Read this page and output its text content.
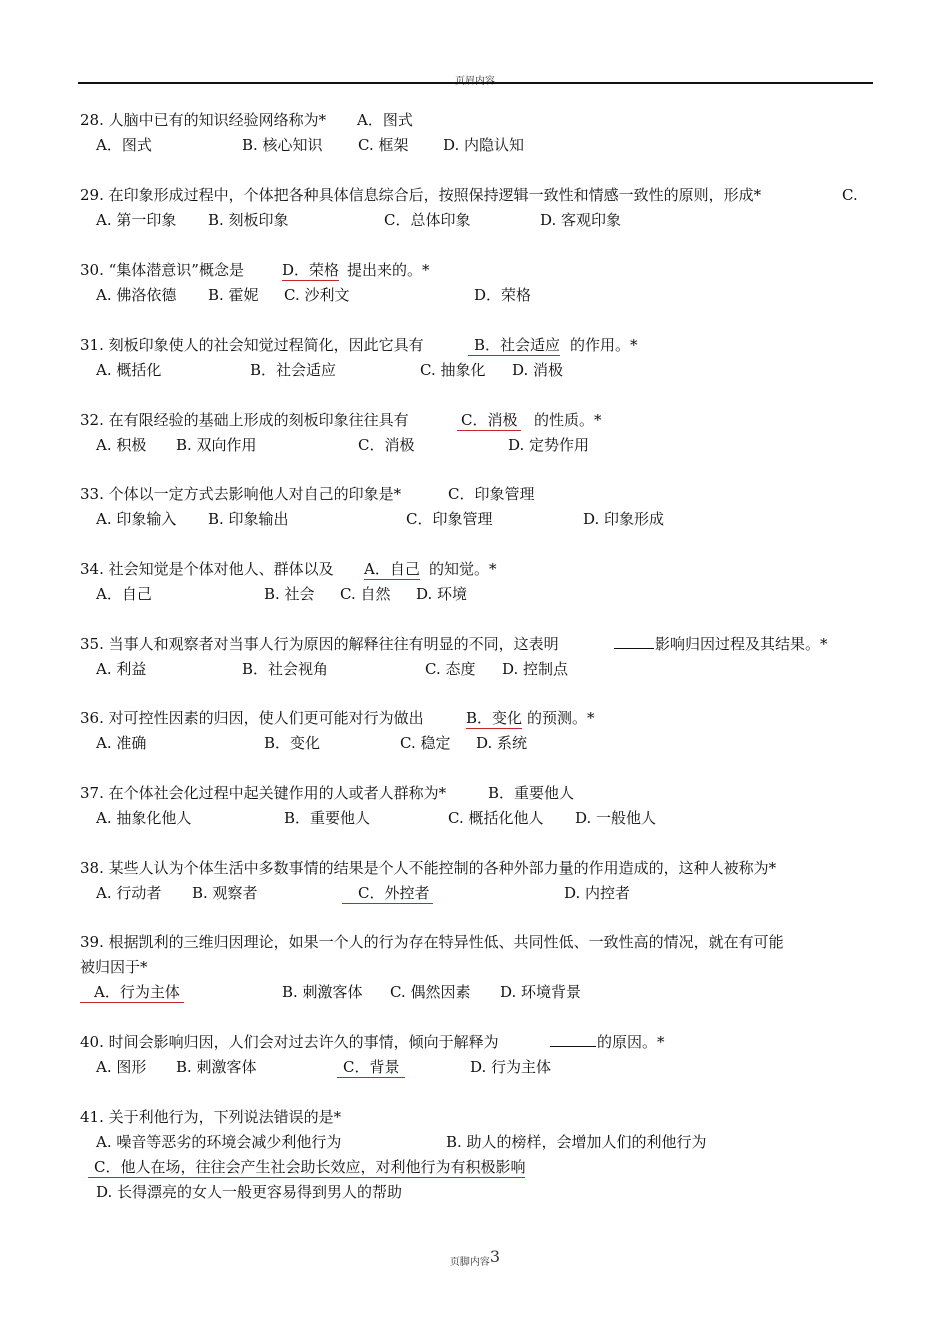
页眉内容
28. 人脑中已有的知识经验网络称为* A．图式
A．图式	B. 核心知识 C. 框架 D. 内隐认知
29. 在印象形成过程中，个体把各种具体信息综合后，按照保持逻辑一致性和情感一致性的原则，形成*	C.
A. 第一印象 B. 刻板印象	C．总体印象	D. 客观印象
30. “集体潜意识”概念是	D．荣格 提出来的。*
A. 佛洛依德 B. 霍妮 C. 沙利文	D．荣格
31. 刻板印象使人的社会知觉过程简化，因此它具有	B．社会适应 的作用。*
A. 概括化	B．社会适应	C. 抽象化 D. 消极
32. 在有限经验的基础上形成的刻板印象往往具有	C．消极 的性质。*
A. 积极 B. 双向作用	C．消极	D. 定势作用
33. 个体以一定方式去影响他人对自己的印象是*	C．印象管理
A. 印象输入 B. 印象输出	C．印象管理	D. 印象形成
34. 社会知觉是个体对他人、群体以及 A．自己 的知觉。*
A．自己	B. 社会 C. 自然 D. 环境
35. 当事人和观察者对当事人行为原因的解释往往有明显的不同，这表明	影响归因过程及其结果。*
A. 利益	B．社会视角	C. 态度 D. 控制点
36. 对可控性因素的归因，使人们更可能对行为做出	B．变化 的预测。*
A. 准确	B．变化	C. 稳定 D. 系统
37. 在个体社会化过程中起关键作用的人或者人群称为*	B．重要他人
A. 抽象化他人	B．重要他人	C. 概括化他人 D. 一般他人
38. 某些人认为个体生活中多数事情的结果是个人不能控制的各种外部力量的作用造成的，这种人被称为*
A. 行动者 B. 观察者	C．外控者	D. 内控者
39. 根据凯利的三维归因理论，如果一个人的行为存在特异性低、共同性低、一致性高的情况，就在有可能
被归因于*
A．行为主体	B. 刺激客体 C. 偶然因素 D. 环境背景
40. 时间会影响归因，人们会对过去许久的事情，倾向于解释为	的原因。*
A. 图形 B. 刺激客体	C．背景	D. 行为主体
41. 关于利他行为，下列说法错误的是*
A. 噪音等恶劣的环境会减少利他行为	B. 助人的榜样，会增加人们的利他行为
C．他人在场，往往会产生社会助长效应，对利他行为有积极影响
D. 长得漂亮的女人一般更容易得到男人的帮助
页脚内容3
